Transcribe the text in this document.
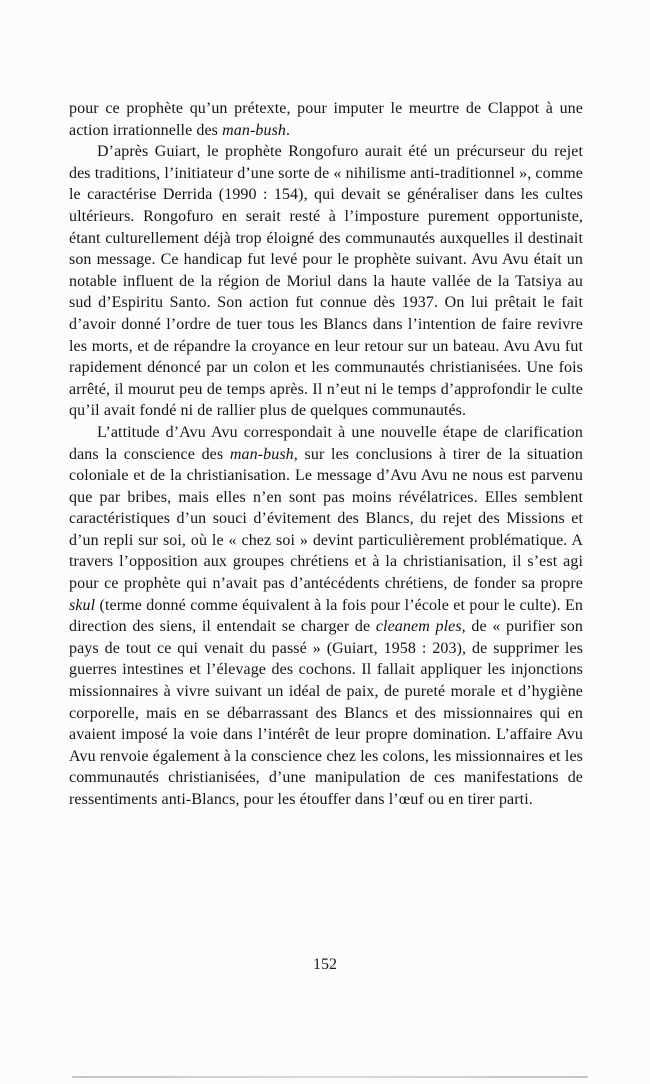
pour ce prophète qu’un prétexte, pour imputer le meurtre de Clappot à une action irrationnelle des man-bush.

D’après Guiart, le prophète Rongofuro aurait été un précurseur du rejet des traditions, l’initiateur d’une sorte de « nihilisme anti-traditionnel », comme le caractérise Derrida (1990 : 154), qui devait se généraliser dans les cultes ultérieurs. Rongofuro en serait resté à l’imposture purement opportuniste, étant culturellement déjà trop éloigné des communautés auxquelles il destinait son message. Ce handicap fut levé pour le prophète suivant. Avu Avu était un notable influent de la région de Moriul dans la haute vallée de la Tatsiya au sud d’Espiritu Santo. Son action fut connue dès 1937. On lui prêtait le fait d’avoir donné l’ordre de tuer tous les Blancs dans l’intention de faire revivre les morts, et de répandre la croyance en leur retour sur un bateau. Avu Avu fut rapidement dénoncé par un colon et les communautés christianisées. Une fois arrêté, il mourut peu de temps après. Il n’eut ni le temps d’approfondir le culte qu’il avait fondé ni de rallier plus de quelques communautés.

L’attitude d’Avu Avu correspondait à une nouvelle étape de clarification dans la conscience des man-bush, sur les conclusions à tirer de la situation coloniale et de la christianisation. Le message d’Avu Avu ne nous est parvenu que par bribes, mais elles n’en sont pas moins révélatrices. Elles semblent caractéristiques d’un souci d’évitement des Blancs, du rejet des Missions et d’un repli sur soi, où le « chez soi » devint particulièrement problématique. A travers l’opposition aux groupes chrétiens et à la christianisation, il s’est agi pour ce prophète qui n’avait pas d’antécédents chrétiens, de fonder sa propre skul (terme donné comme équivalent à la fois pour l’école et pour le culte). En direction des siens, il entendait se charger de cleanem ples, de « purifier son pays de tout ce qui venait du passé » (Guiart, 1958 : 203), de supprimer les guerres intestines et l’élevage des cochons. Il fallait appliquer les injonctions missionnaires à vivre suivant un idéal de paix, de pureté morale et d’hygiène corporelle, mais en se débarrassant des Blancs et des missionnaires qui en avaient imposé la voie dans l’intérêt de leur propre domination. L’affaire Avu Avu renvoie également à la conscience chez les colons, les missionnaires et les communautés christianisées, d’une manipulation de ces manifestations de ressentiments anti-Blancs, pour les étouffer dans l’œuf ou en tirer parti.

152
